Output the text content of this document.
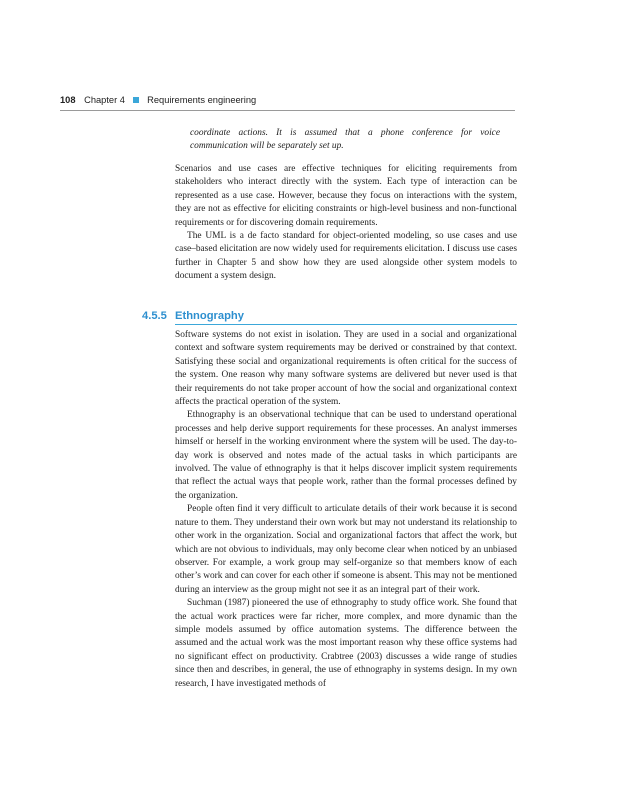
108 Chapter 4 Requirements engineering

coordinate actions. It is assumed that a phone conference for voice communication will be separately set up.

Scenarios and use cases are effective techniques for eliciting requirements from stakeholders who interact directly with the system. Each type of interaction can be represented as a use case. However, because they focus on interactions with the system, they are not as effective for eliciting constraints or high-level business and non-functional requirements or for discovering domain requirements.

The UML is a de facto standard for object-oriented modeling, so use cases and use case–based elicitation are now widely used for requirements elicitation. I discuss use cases further in Chapter 5 and show how they are used alongside other system models to document a system design.

4.5.5 Ethnography

Software systems do not exist in isolation. They are used in a social and organizational context and software system requirements may be derived or constrained by that context. Satisfying these social and organizational requirements is often critical for the success of the system. One reason why many software systems are delivered but never used is that their requirements do not take proper account of how the social and organizational context affects the practical operation of the system.

Ethnography is an observational technique that can be used to understand operational processes and help derive support requirements for these processes. An analyst immerses himself or herself in the working environment where the system will be used. The day-to-day work is observed and notes made of the actual tasks in which participants are involved. The value of ethnography is that it helps discover implicit system requirements that reflect the actual ways that people work, rather than the formal processes defined by the organization.

People often find it very difficult to articulate details of their work because it is second nature to them. They understand their own work but may not understand its relationship to other work in the organization. Social and organizational factors that affect the work, but which are not obvious to individuals, may only become clear when noticed by an unbiased observer. For example, a work group may self-organize so that members know of each other’s work and can cover for each other if someone is absent. This may not be mentioned during an interview as the group might not see it as an integral part of their work.

Suchman (1987) pioneered the use of ethnography to study office work. She found that the actual work practices were far richer, more complex, and more dynamic than the simple models assumed by office automation systems. The difference between the assumed and the actual work was the most important reason why these office systems had no significant effect on productivity. Crabtree (2003) discusses a wide range of studies since then and describes, in general, the use of ethnography in systems design. In my own research, I have investigated methods of
